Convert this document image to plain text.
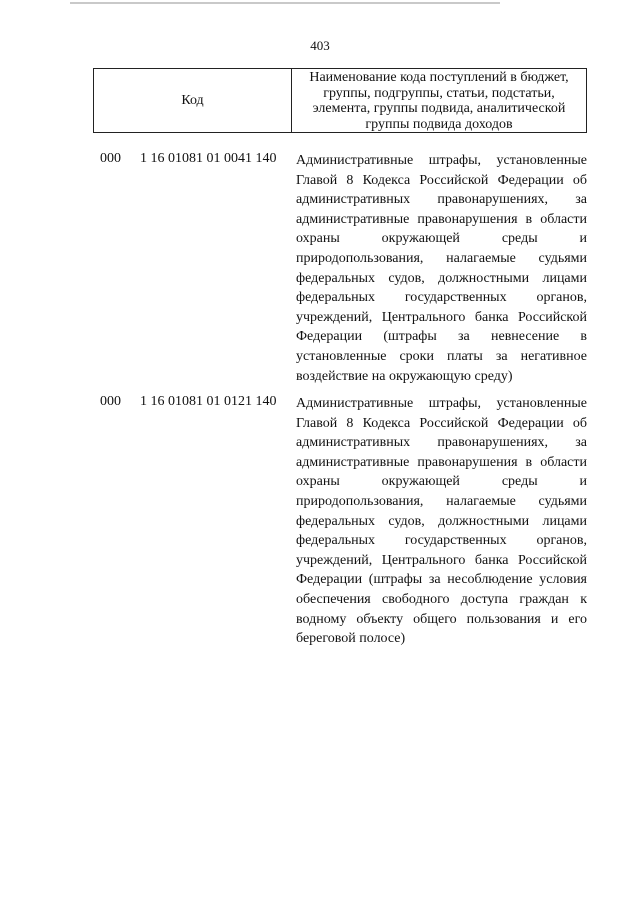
403
Код
Наименование кода поступлений в бюджет,
группы, подгруппы, статьи, подстатьи,
элемента, группы подвида, аналитической
группы подвида доходов
000 1 16 01081 01 0041 140 Административные штрафы, установленные
Главой 8 Кодекса Российской Федерации об
административных правонарушениях, за
административные правонарушения в области
охраны окружающей среды и
природопользования, налагаемые судьями
федеральных судов, должностными лицами
федеральных государственных органов,
учреждений, Центрального банка Российской
Федерации (штрафы за невнесение в
установленные сроки платы за негативное
воздействие на окружающую среду)
000 1 16 01081 01 0121 140 Административные штрафы, установленные
Главой 8 Кодекса Российской Федерации об
административных правонарушениях, за
административные правонарушения в области
охраны окружающей среды и
природопользования, налагаемые судьями
федеральных судов, должностными лицами
федеральных государственных органов,
учреждений, Центрального банка Российской
Федерации (штрафы за несоблюдение условия
обеспечения свободного доступа граждан к
водному объекту общего пользования и его
береговой полосе)
